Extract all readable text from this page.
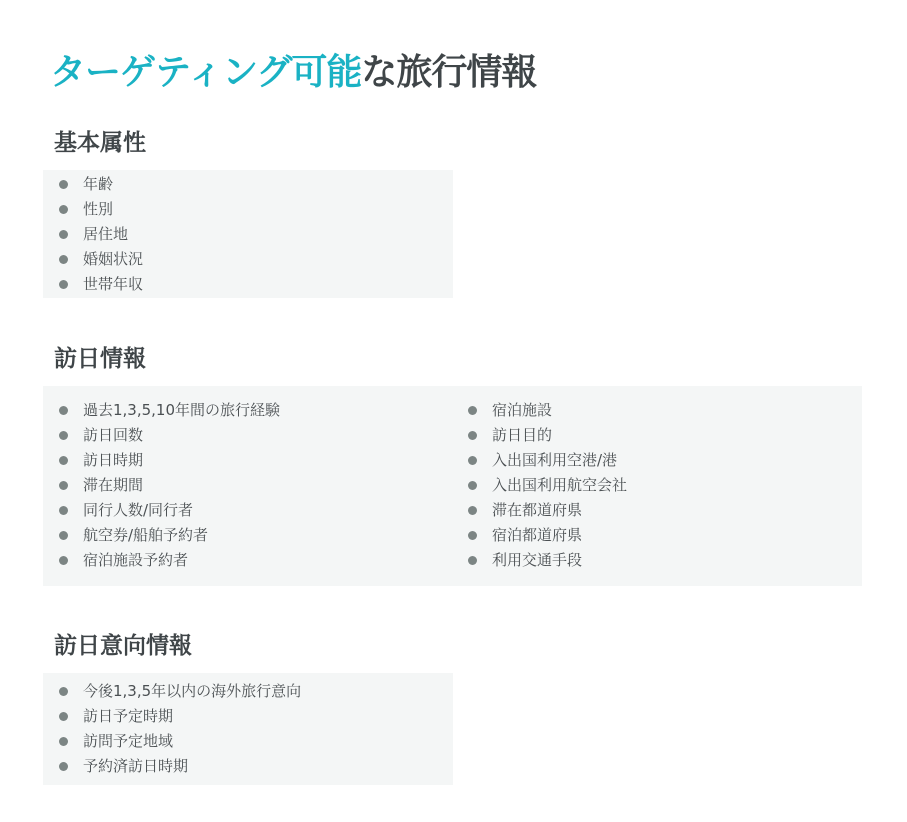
ターゲティング可能な旅行情報
基本属性
年齢
性別
居住地
婚姻状況
世帯年収
訪日情報
過去1,3,5,10年間の旅行経験
訪日回数
訪日時期
滞在期間
同行人数/同行者
航空券/船舶予約者
宿泊施設予約者
宿泊施設
訪日目的
入出国利用空港/港
入出国利用航空会社
滞在都道府県
宿泊都道府県
利用交通手段
訪日意向情報
今後1,3,5年以内の海外旅行意向
訪日予定時期
訪問予定地域
予約済訪日時期
